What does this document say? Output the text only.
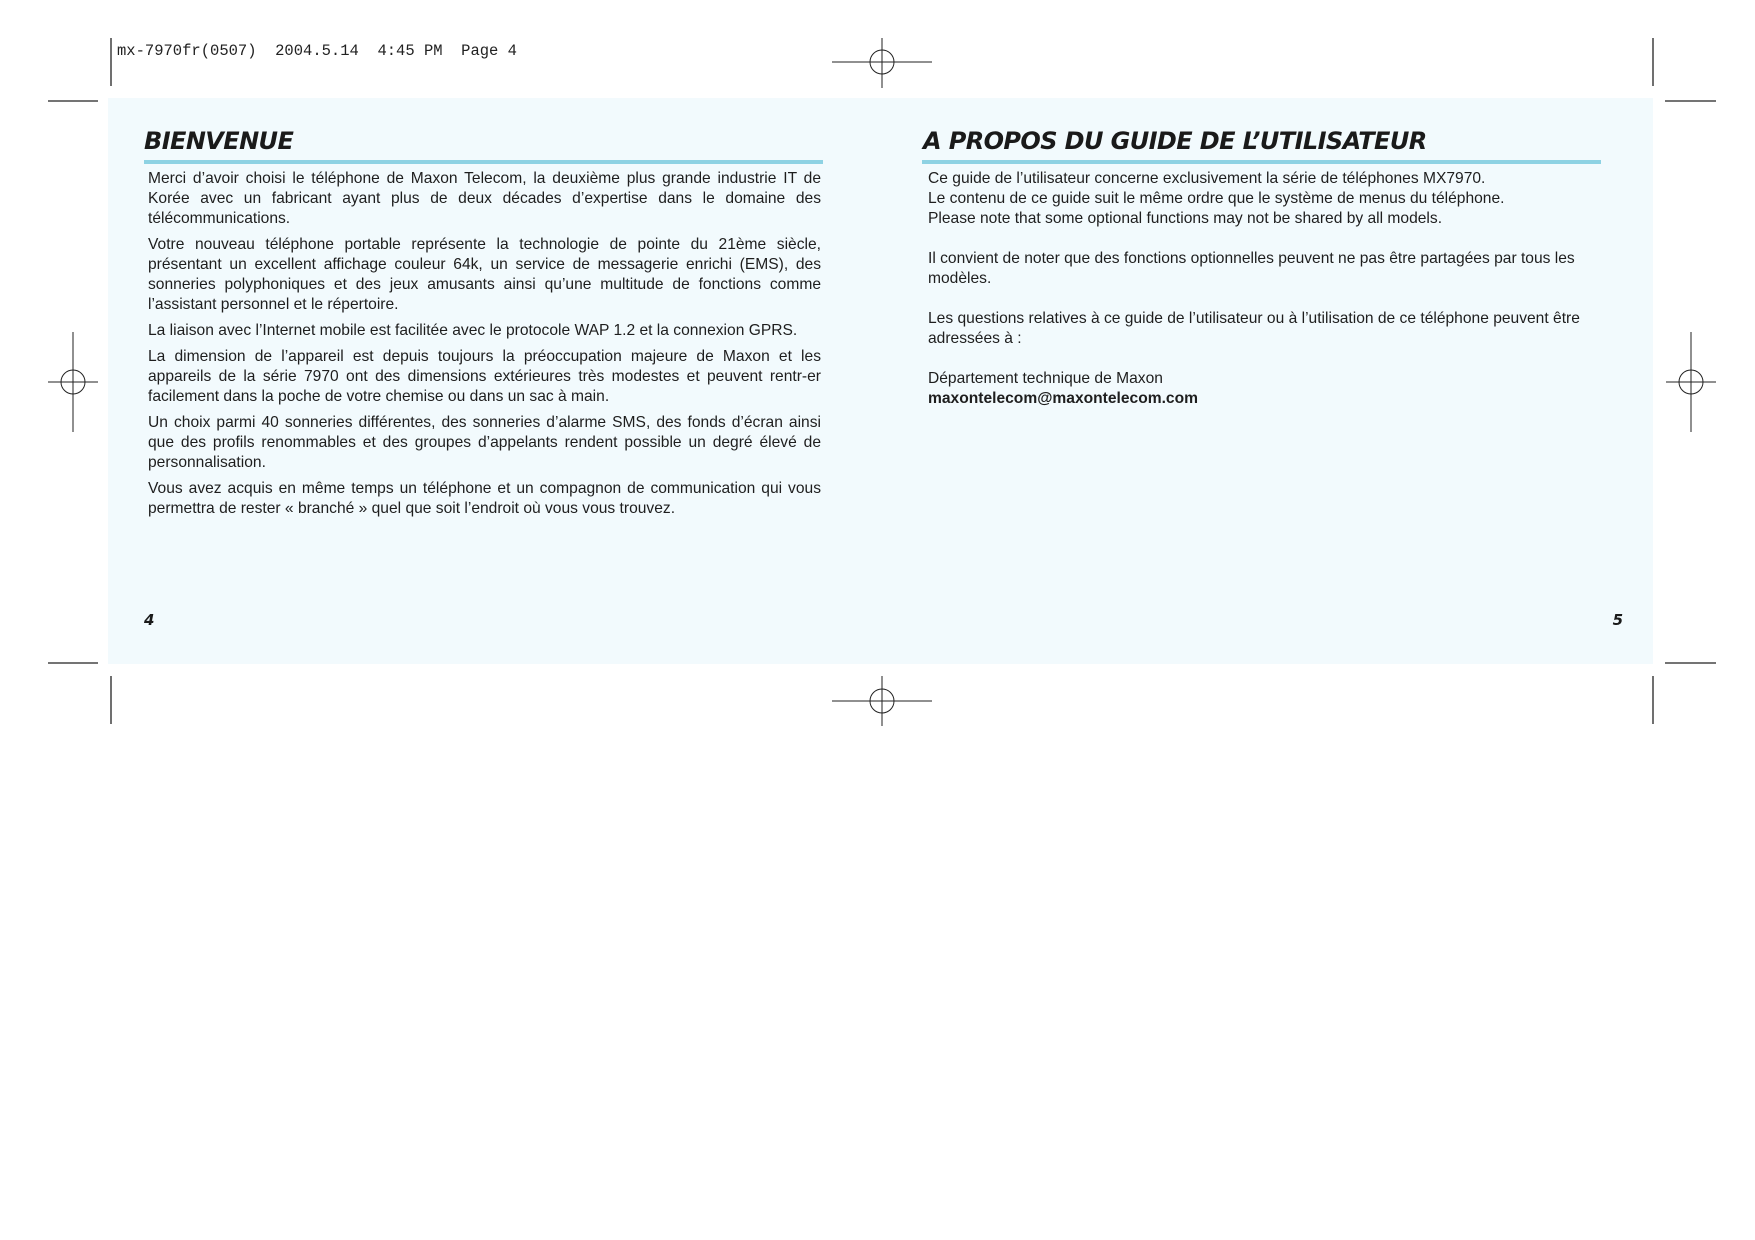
mx-7970fr(0507)  2004.5.14  4:45 PM  Page 4
BIENVENUE

Merci d’avoir choisi le téléphone de Maxon Telecom, la deuxième plus grande industrie IT de Korée avec un fabricant ayant plus de deux décades d’expertise dans le domaine des télécommunications.

Votre nouveau téléphone portable représente la technologie de pointe du 21ème siècle, présentant un excellent affichage couleur 64k, un service de messagerie enrichi (EMS), des sonneries polyphoniques et des jeux amusants ainsi qu’une multitude de fonctions comme l’assistant personnel et le répertoire.

La liaison avec l’Internet mobile est facilitée avec le protocole WAP 1.2 et la connexion GPRS.

La dimension de l’appareil est depuis toujours la préoccupation majeure de Maxon et les appareils de la série 7970 ont des dimensions extérieures très modestes et peuvent rentr-er facilement dans la poche de votre chemise ou dans un sac à main.

Un choix parmi 40 sonneries différentes, des sonneries d’alarme SMS, des fonds d’écran ainsi que des profils renommables et des groupes d’appelants rendent possible un degré élevé de personnalisation.

Vous avez acquis en même temps un téléphone et un compagnon de communication qui vous permettra de rester « branché » quel que soit l’endroit où vous vous trouvez.

4
A PROPOS DU GUIDE DE L’UTILISATEUR

Ce guide de l’utilisateur concerne exclusivement la série de téléphones MX7970.

Le contenu de ce guide suit le même ordre que le système de menus du téléphone.

Please note that some optional functions may not be shared by all models.

Il convient de noter que des fonctions optionnelles peuvent ne pas être partagées par tous les modèles.

Les questions relatives à ce guide de l’utilisateur ou à l’utilisation de ce téléphone peuvent être adressées à :

Département technique de Maxon

maxontelecom@maxontelecom.com

5
